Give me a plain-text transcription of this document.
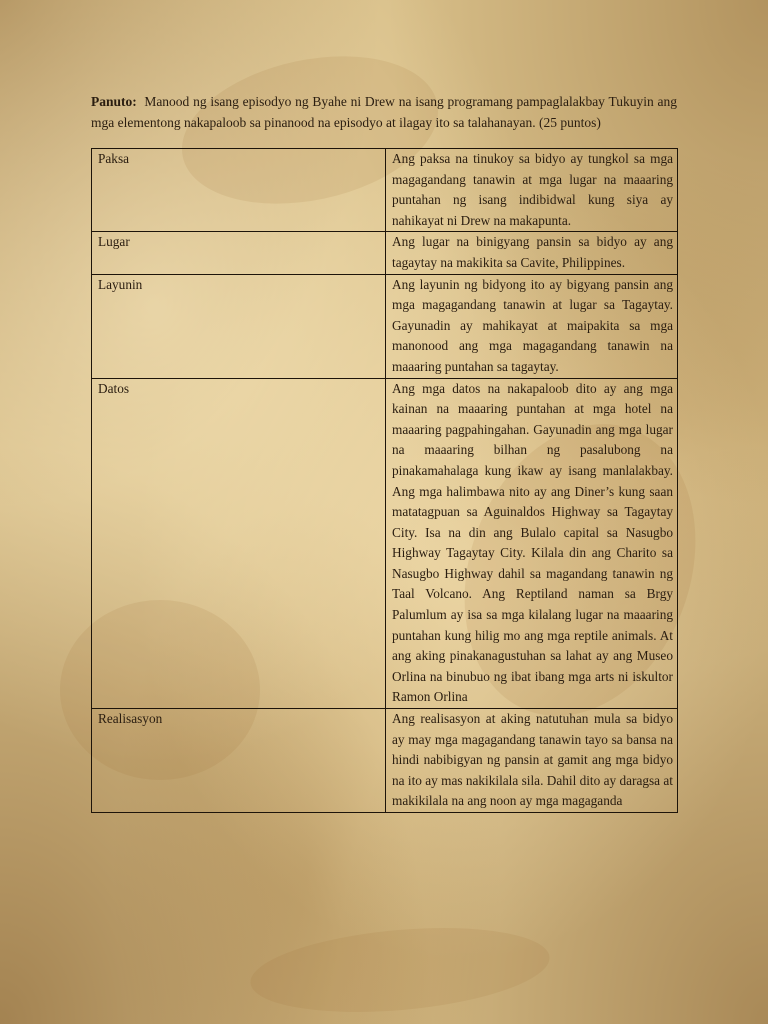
Panuto: Manood ng isang episodyo ng Byahe ni Drew na isang programang pampaglalakbay Tukuyin ang mga elementong nakapaloob sa pinanood na episodyo at ilagay ito sa talahanayan. (25 puntos)

Paksa	Ang paksa na tinukoy sa bidyo ay tungkol sa mga magagandang tanawin at mga lugar na maaaring puntahan ng isang indibidwal kung siya ay nahikayat ni Drew na makapunta.
Lugar	Ang lugar na binigyang pansin sa bidyo ay ang tagaytay na makikita sa Cavite, Philippines.
Layunin	Ang layunin ng bidyong ito ay bigyang pansin ang mga magagandang tanawin at lugar sa Tagaytay. Gayunadin ay mahikayat at maipakita sa mga manonood ang mga magagandang tanawin na maaaring puntahan sa tagaytay.
Datos	Ang mga datos na nakapaloob dito ay ang mga kainan na maaaring puntahan at mga hotel na maaaring pagpahingahan. Gayunadin ang mga lugar na maaaring bilhan ng pasalubong na pinakamahalaga kung ikaw ay isang manlalakbay. Ang mga halimbawa nito ay ang Diner’s kung saan matatagpuan sa Aguinaldos Highway sa Tagaytay City. Isa na din ang Bulalo capital sa Nasugbo Highway Tagaytay City. Kilala din ang Charito sa Nasugbo Highway dahil sa magandang tanawin ng Taal Volcano. Ang Reptiland naman sa Brgy Palumlum ay isa sa mga kilalang lugar na maaaring puntahan kung hilig mo ang mga reptile animals. At ang aking pinakanagustuhan sa lahat ay ang Museo Orlina na binubuo ng ibat ibang mga arts ni iskultor Ramon Orlina
Realisasyon	Ang realisasyon at aking natutuhan mula sa bidyo ay may mga magagandang tanawin tayo sa bansa na hindi nabibigyan ng pansin at gamit ang mga bidyo na ito ay mas nakikilala sila. Dahil dito ay daragsa at makikilala na ang noon ay mga magaganda
